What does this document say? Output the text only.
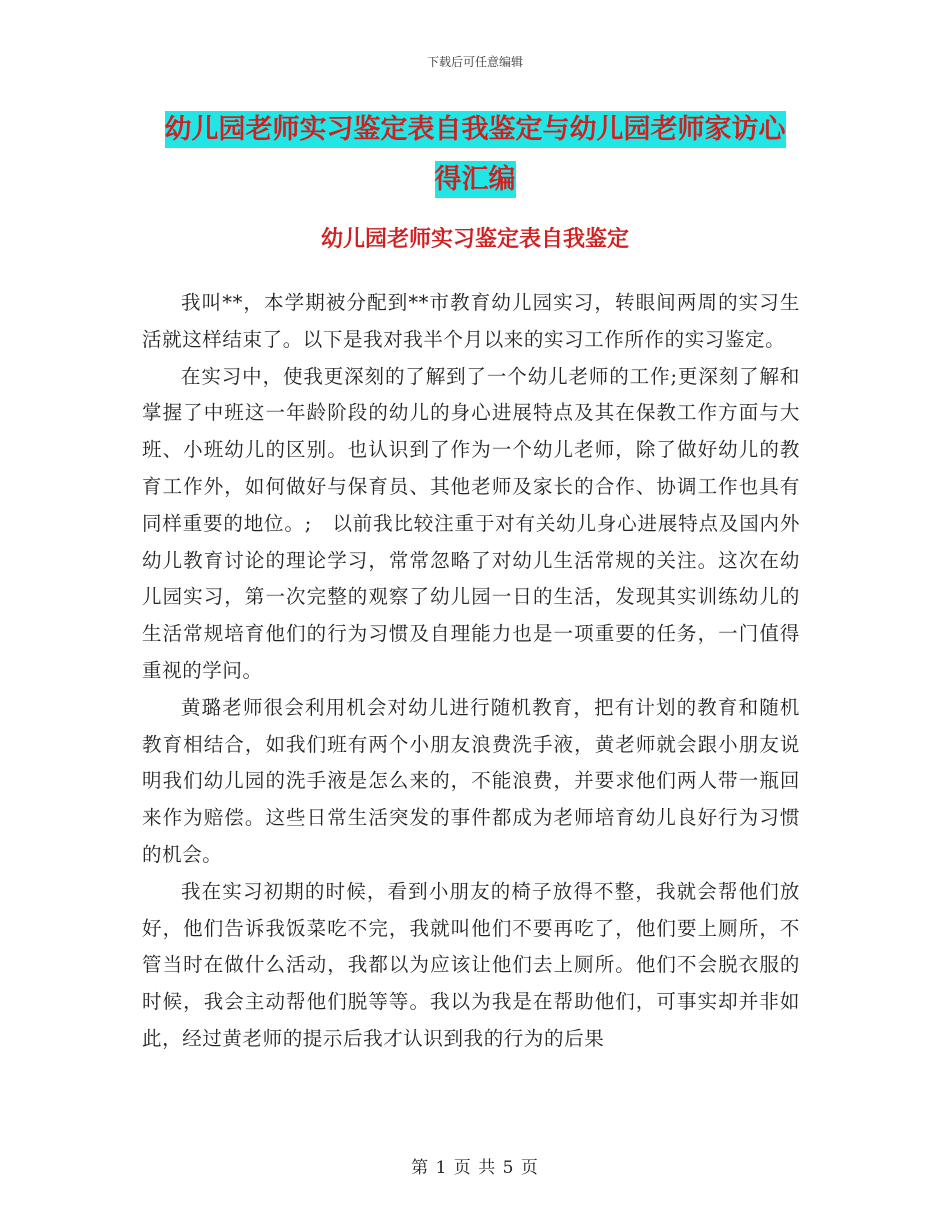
下载后可任意编辑
幼儿园老师实习鉴定表自我鉴定与幼儿园老师家访心
得汇编
幼儿园老师实习鉴定表自我鉴定

我叫**，本学期被分配到**市教育幼儿园实习，转眼间两周的实习生活就这样结束了。以下是我对我半个月以来的实习工作所作的实习鉴定。

在实习中，使我更深刻的了解到了一个幼儿老师的工作;更深刻了解和掌握了中班这一年龄阶段的幼儿的身心进展特点及其在保教工作方面与大班、小班幼儿的区别。也认识到了作为一个幼儿老师，除了做好幼儿的教育工作外，如何做好与保育员、其他老师及家长的合作、协调工作也具有同样重要的地位。;　以前我比较注重于对有关幼儿身心进展特点及国内外幼儿教育讨论的理论学习，常常忽略了对幼儿生活常规的关注。这次在幼儿园实习，第一次完整的观察了幼儿园一日的生活，发现其实训练幼儿的生活常规培育他们的行为习惯及自理能力也是一项重要的任务，一门值得重视的学问。

黄璐老师很会利用机会对幼儿进行随机教育，把有计划的教育和随机教育相结合，如我们班有两个小朋友浪费洗手液，黄老师就会跟小朋友说明我们幼儿园的洗手液是怎么来的，不能浪费，并要求他们两人带一瓶回来作为赔偿。这些日常生活突发的事件都成为老师培育幼儿良好行为习惯的机会。

我在实习初期的时候，看到小朋友的椅子放得不整，我就会帮他们放好，他们告诉我饭菜吃不完，我就叫他们不要再吃了，他们要上厕所，不管当时在做什么活动，我都以为应该让他们去上厕所。他们不会脱衣服的时候，我会主动帮他们脱等等。我以为我是在帮助他们，可事实却并非如此，经过黄老师的提示后我才认识到我的行为的后果

第 1 页 共 5 页
